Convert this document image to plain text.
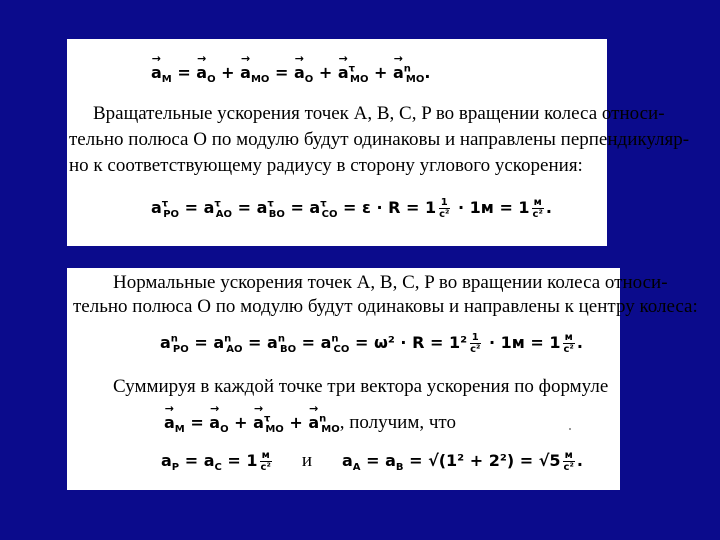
→ $a_M$ = → $a_O$ + → $a_{MO}$ = → $a_O$ + → $a^\tau_{MO}$ + → $a^n_{MO}$.
Вращательные ускорения точек A, B, C, P во вращении колеса относи-
тельно полюса O по модулю будут одинаковы и направлены перпендикуляр-
но к соответствующему радиусу в сторону углового ускорения:
$a^\tau_{PO} = a^\tau_{AO} = a^\tau_{BO} = a^\tau_{CO} = \varepsilon \cdot R = 1 \frac{1}{\text{c²}} \cdot 1м = 1 \frac{м}{\text{c²}}$ .
Нормальные ускорения точек A, B, C, P во вращении колеса относи-
тельно полюса O по модулю будут одинаковы и направлены к центру колеса:
$a^n_{PO} = a^n_{AO} = a^n_{BO} = a^n_{CO} = \omega^2 \cdot R = 1^2 \frac{1}{\text{c²}} \cdot 1м = 1 \frac{м}{\text{c²}}$ .
Суммируя в каждой точке три вектора ускорения по формуле
→ $a_M$ = → $a_O$ + → $a^\tau_{MO}$ + → $a^n_{MO}$, получим, что
$a_P = a_C = 1 \frac{м}{\text{c²}}$ и $a_A = a_B = √(1^2 + 2^2) = √5 \frac{м}{\text{c²}}$ .
